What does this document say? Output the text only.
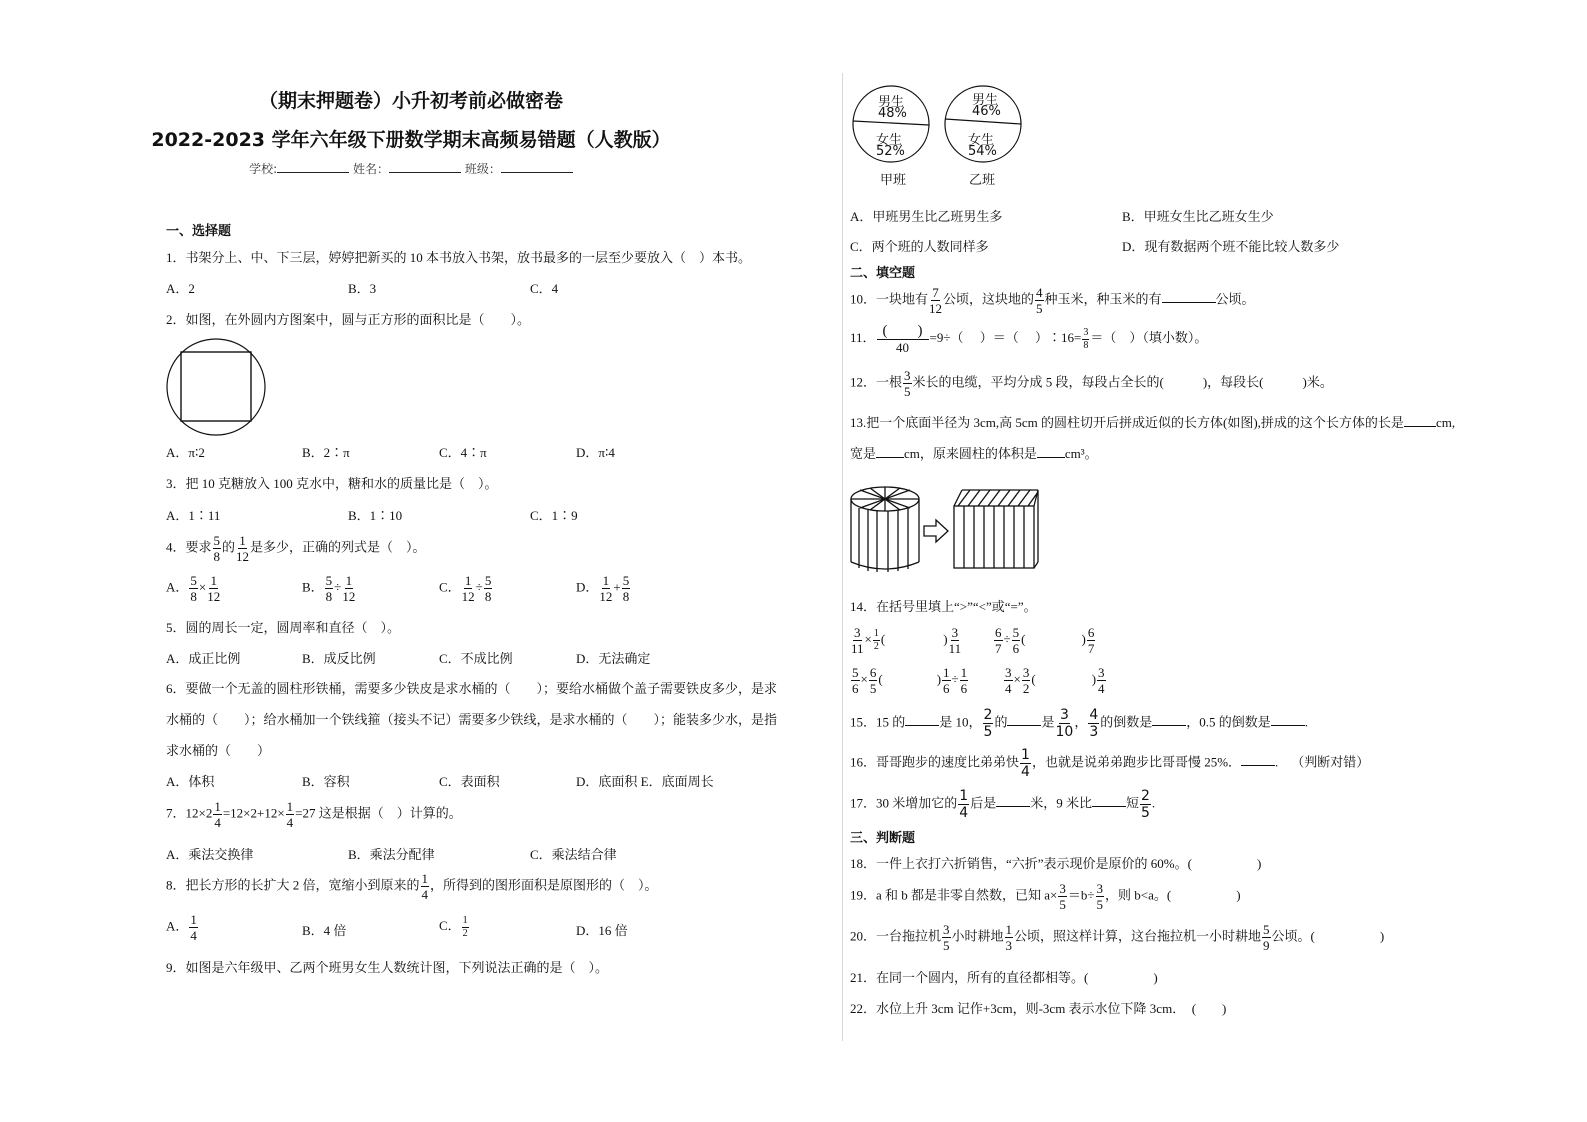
（期末押题卷）小升初考前必做密卷
2022-2023 学年六年级下册数学期末高频易错题（人教版）
学校:	姓名：	班级：
一、选择题
1．书架分上、中、下三层，婷婷把新买的 10 本书放入书架，放书最多的一层至少要放入（　）本书。
A．2	B．3	C．4
2．如图，在外圆内方图案中，圆与正方形的面积比是（　　）。
A．π∶2	B．2∶π	C．4∶π	D．π∶4
3．把 10 克糖放入 100 克水中，糖和水的质量比是（　）。
A．1∶11	B．1∶10	C．1∶9
4．要求 $\frac{5}{8}$ 的 $\frac{1}{12}$ 是多少，正确的列式是（　）。
A． $\frac{5}{8} \times \frac{1}{12}$	B． $\frac{5}{8} \div \frac{1}{12}$	C． $\frac{1}{12} \div \frac{5}{8}$	D． $\frac{1}{12} + \frac{5}{8}$
5．圆的周长一定，圆周率和直径（　）。
A．成正比例	B．成反比例	C．不成比例	D．无法确定
6．要做一个无盖的圆柱形铁桶，需要多少铁皮是求水桶的（　　）；要给水桶做个盖子需要铁皮多少，是求
水桶的（　　）；给水桶加一个铁线箍（接头不记）需要多少铁线，是求水桶的（　　）；能装多少水，是指
求水桶的（　　）
A．体积	B．容积	C．表面积	D．底面积 E．底面周长
7．$12\times 2 \frac{1}{4} =12\times 2+12\times \frac{1}{4} =27$ 这是根据（　）计算的。
A．乘法交换律	B．乘法分配律	C．乘法结合律
8．把长方形的长扩大 2 倍，宽缩小到原来的 $\frac{1}{4}$ ，所得到的图形面积是原图形的（　）。
A． $\frac{1}{4}$	B．4 倍	C． $\frac{1}{2}$	D．16 倍
9．如图是六年级甲、乙两个班男女生人数统计图，下列说法正确的是（　）。
男生
48%
女生
52%
甲班
男生
46%
女生
54%
乙班
A．甲班男生比乙班男生多	B．甲班女生比乙班女生少
C．两个班的人数同样多	D．现有数据两个班不能比较人数多少
二、填空题
10．一块地有 $\frac{7}{12}$ 公顷，这块地的 $\frac{4}{5}$ 种玉米，种玉米的有	公顷。
11． $\frac{( )}{40} =9\div$（　 ）＝（　 ）∶16= $\frac{3}{8}$ ＝（　）（填小数）。
12．一根 $\frac{3}{5}$ 米长的电缆，平均分成 5 段，每段占全长的(　　　)，每段长(　　　)米。
13.把一个底面半径为 3cm,高 5cm 的圆柱切开后拼成近似的长方体(如图),拼成的这个长方体的长是 cm,
宽是 cm，原来圆柱的体积是 cm³。
14．在括号里填上“>”“<”或“=”。
$\frac{3}{11} \times \frac{1}{2}$ (	) $\frac{3}{11}$	$\frac{6}{7} \div \frac{5}{6}$ (	) $\frac{6}{7}$
$\frac{5}{6} \times \frac{6}{5}$ (	) $\frac{1}{6} \div \frac{1}{6}$	$\frac{3}{4} \times \frac{3}{2}$ (	) $\frac{3}{4}$
15．15 的	是 10， $\frac{2}{5}$ 的	是 $\frac{3}{10}$ ， $\frac{4}{3}$ 的倒数是	，0.5 的倒数是	.
16．哥哥跑步的速度比弟弟快 $\frac{1}{4}$ ，也就是说弟弟跑步比哥哥慢 25%．	. （判断对错）
17．30 米增加它的 $\frac{1}{4}$ 后是	米，9 米比	短 $\frac{2}{5}$ .
三、判断题
18．一件上衣打六折销售，“六折”表示现价是原价的 60%。(　　　　　)
19．a 和 b 都是非零自然数，已知 $a\times \frac{3}{5} =b\div \frac{3}{5}$ ，则 b<a。(　　　　　)
20．一台拖拉机 $\frac{3}{5}$ 小时耕地 $\frac{1}{3}$ 公顷，照这样计算，这台拖拉机一小时耕地 $\frac{5}{9}$ 公顷。(　　　　　)
21．在同一个圆内，所有的直径都相等。(　　　　　)
22．水位上升 3cm 记作+3cm，则-3cm 表示水位下降 3cm．　(　　)
